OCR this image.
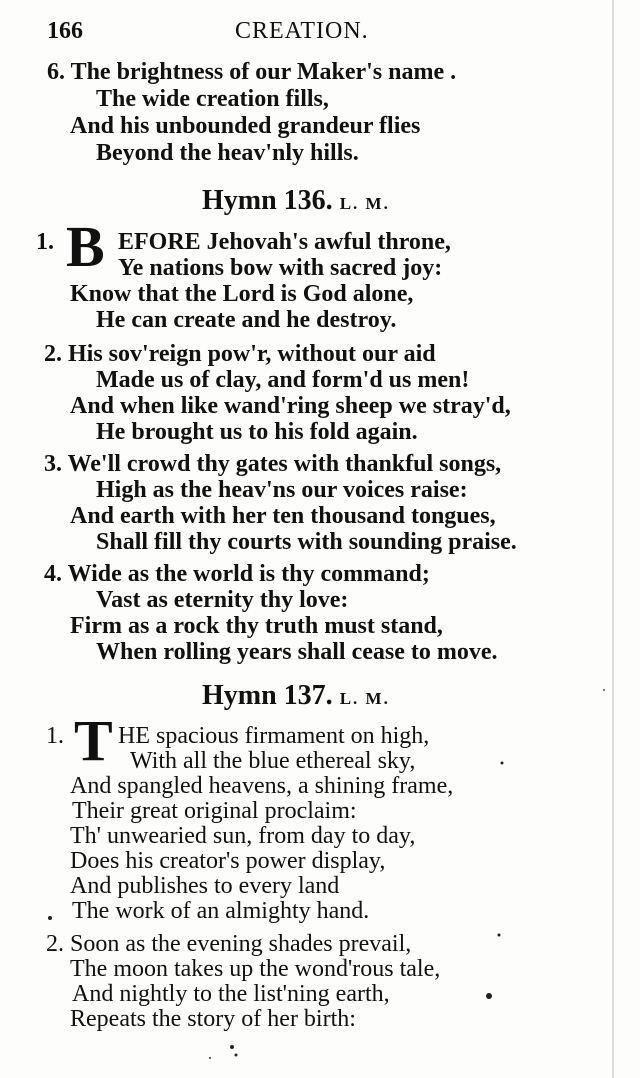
166	CREATION.
6. The brightness of our Maker's name .
The wide creation fills,
And his unbounded grandeur flies
Beyond the heav'nly hills.
Hymn 136. L. M.
1. B EFORE Jehovah's awful throne,
Ye nations bow with sacred joy:
Know that the Lord is God alone,
He can create and he destroy.
2. His sov'reign pow'r, without our aid
Made us of clay, and form'd us men!
And when like wand'ring sheep we stray'd,
He brought us to his fold again.
3. We'll crowd thy gates with thankful songs,
High as the heav'ns our voices raise:
And earth with her ten thousand tongues,
Shall fill thy courts with sounding praise.
4. Wide as the world is thy command;
Vast as eternity thy love:
Firm as a rock thy truth must stand,
When rolling years shall cease to move.
Hymn 137. L. M.
1. T HE spacious firmament on high,
With all the blue ethereal sky,
And spangled heavens, a shining frame,
Their great original proclaim:
Th' unwearied sun, from day to day,
Does his creator's power display,
And publishes to every land
The work of an almighty hand.
2. Soon as the evening shades prevail,
The moon takes up the wond'rous tale,
And nightly to the list'ning earth,
Repeats the story of her birth:
